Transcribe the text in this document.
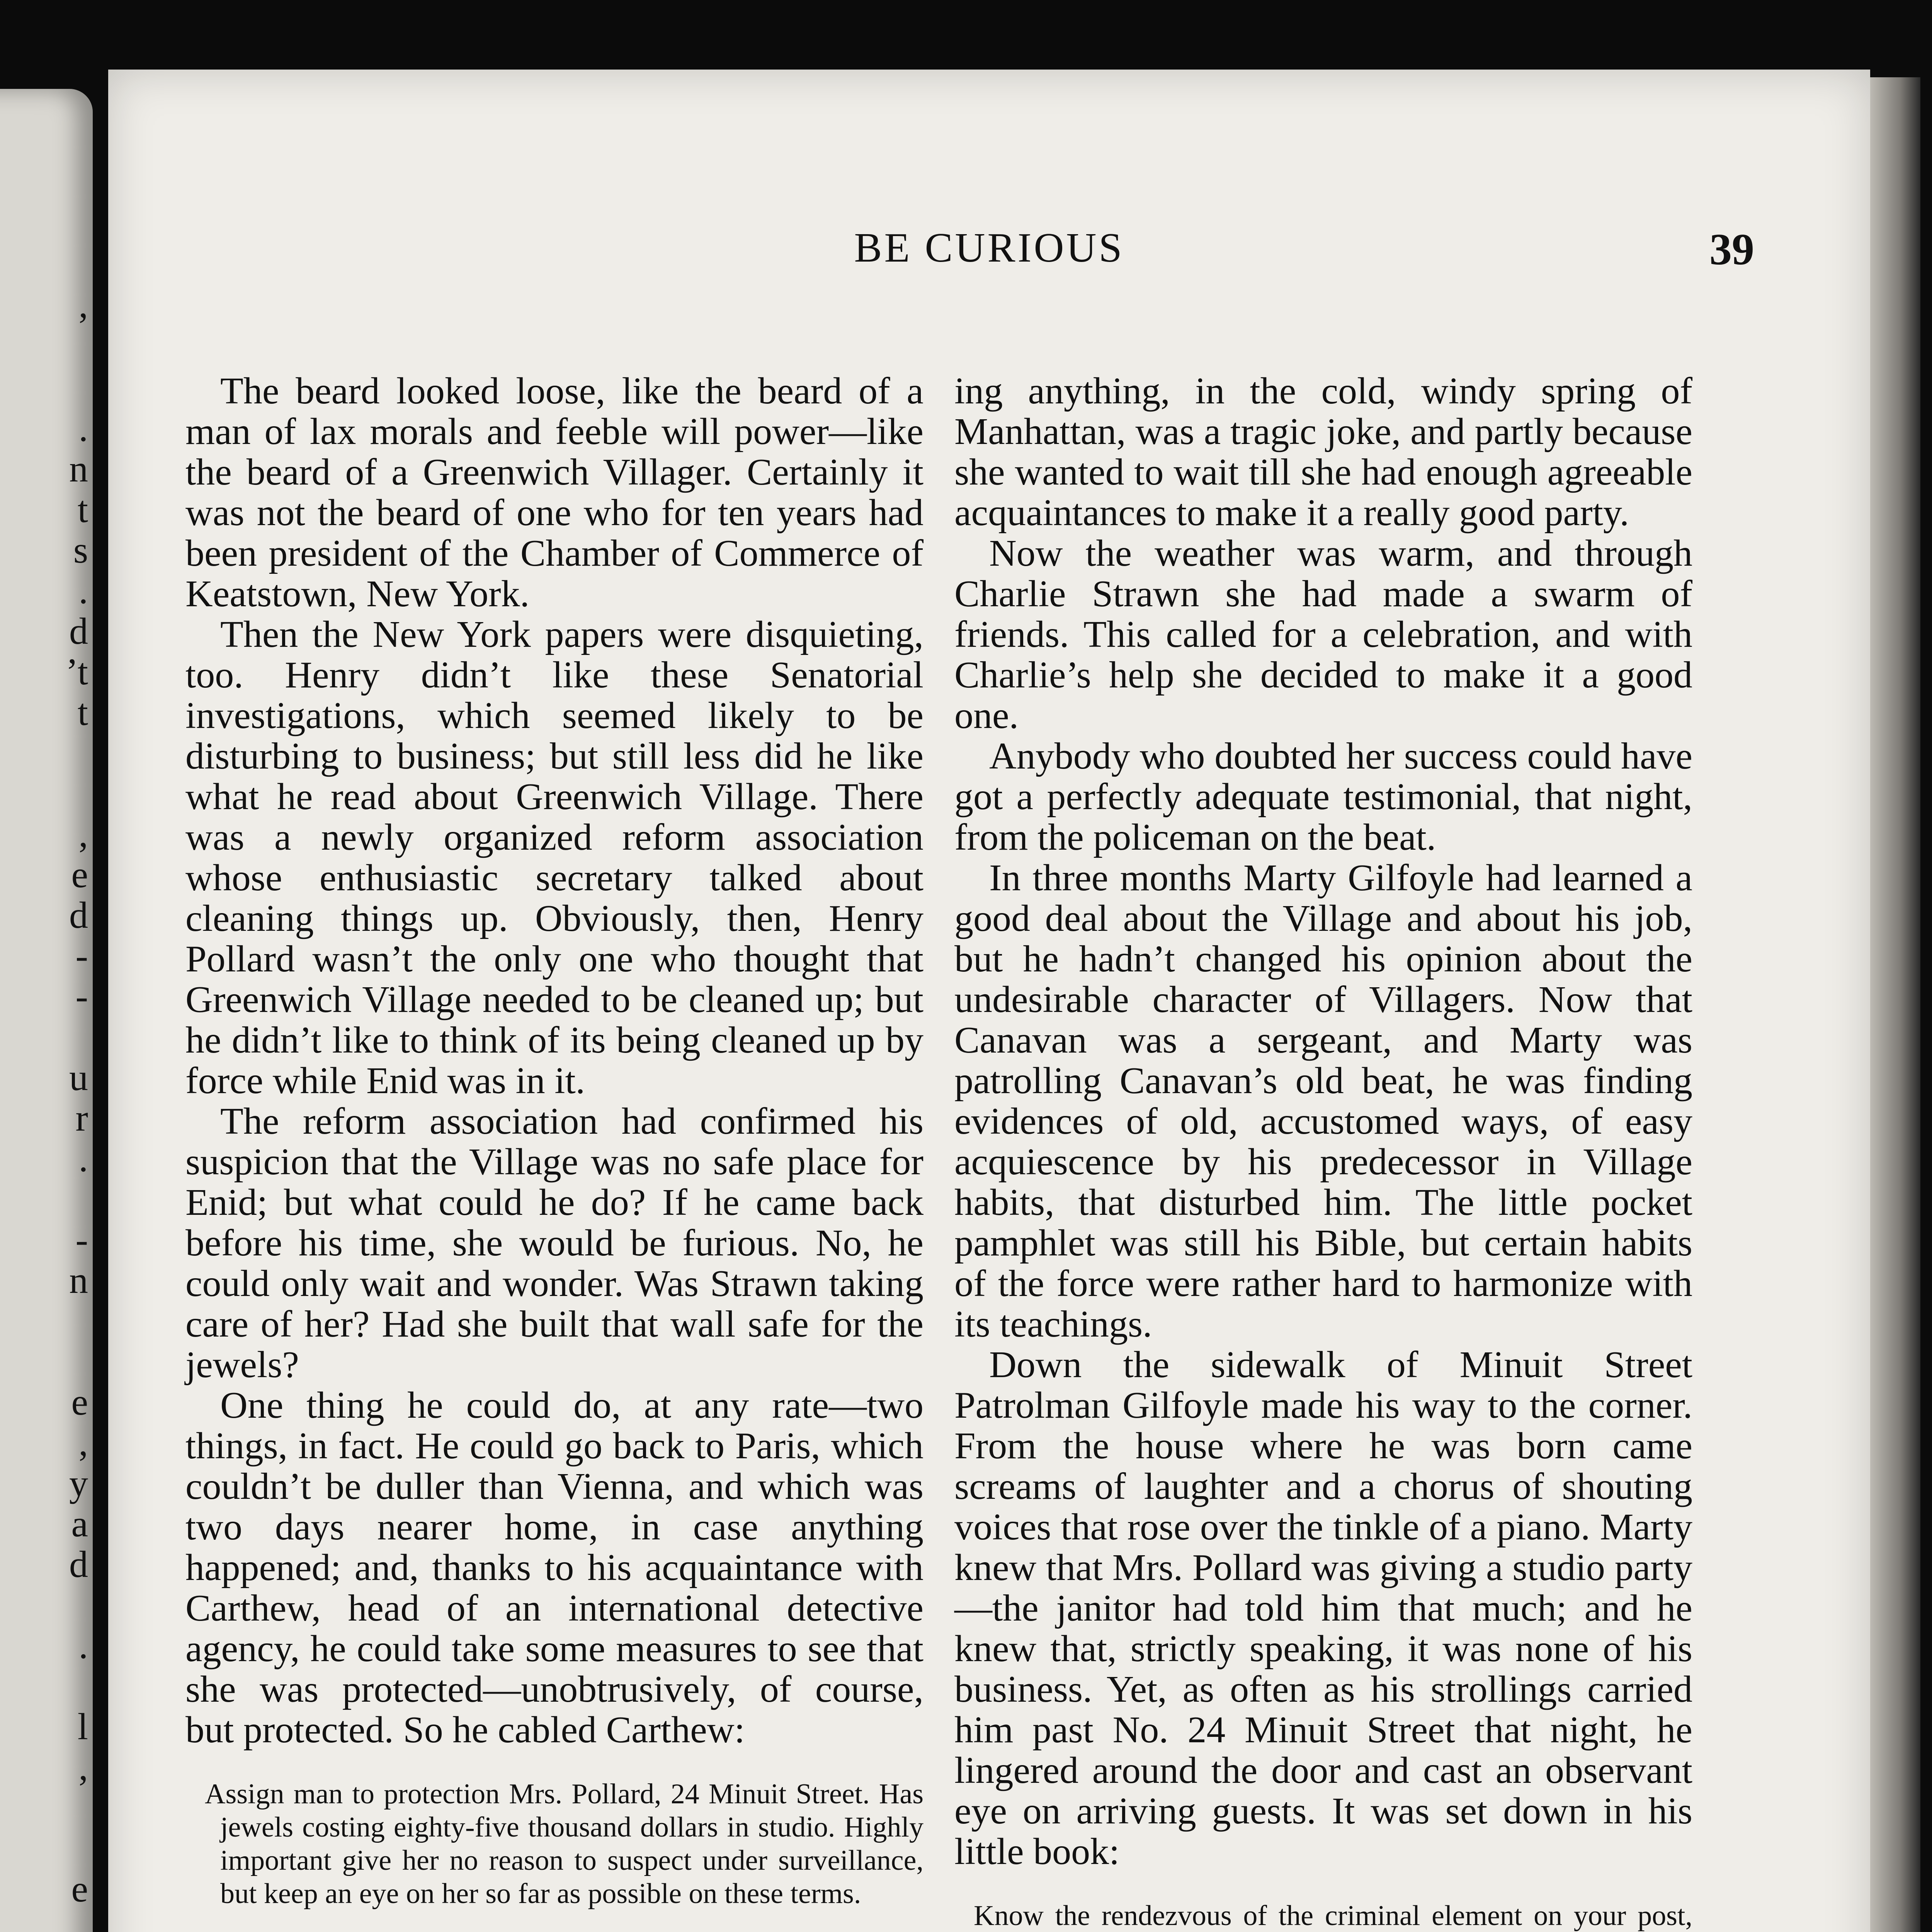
,
.
n
t
s
.
d
’t
t
,
e
d
-
-
u
r
.
-
n
e
,
y
a
d
.
l
,
e
BE CURIOUS	39

The beard looked loose, like the beard of a man of lax morals and feeble will power—like the beard of a Greenwich Villager. Certainly it was not the beard of one who for ten years had been president of the Chamber of Commerce of Keatstown, New York.

Then the New York papers were disquieting, too. Henry didn’t like these Senatorial investigations, which seemed likely to be disturbing to business; but still less did he like what he read about Greenwich Village. There was a newly organized reform association whose enthusiastic secretary talked about cleaning things up. Obviously, then, Henry Pollard wasn’t the only one who thought that Greenwich Village needed to be cleaned up; but he didn’t like to think of its being cleaned up by force while Enid was in it.

The reform association had confirmed his suspicion that the Village was no safe place for Enid; but what could he do? If he came back before his time, she would be furious. No, he could only wait and wonder. Was Strawn taking care of her? Had she built that wall safe for the jewels?

One thing he could do, at any rate—two things, in fact. He could go back to Paris, which couldn’t be duller than Vienna, and which was two days nearer home, in case anything happened; and, thanks to his acquaintance with Carthew, head of an international detective agency, he could take some measures to see that she was protected—unobtrusively, of course, but protected. So he cabled Carthew:

Assign man to protection Mrs. Pollard, 24 Minuit Street. Has jewels costing eighty-five thousand dollars in studio. Highly important give her no reason to suspect under surveillance, but keep an eye on her so far as possible on these terms.

ing anything, in the cold, windy spring of Manhattan, was a tragic joke, and partly because she wanted to wait till she had enough agreeable acquaintances to make it a really good party.

Now the weather was warm, and through Charlie Strawn she had made a swarm of friends. This called for a celebration, and with Charlie’s help she decided to make it a good one.

Anybody who doubted her success could have got a perfectly adequate testimonial, that night, from the policeman on the beat.

In three months Marty Gilfoyle had learned a good deal about the Village and about his job, but he hadn’t changed his opinion about the undesirable character of Villagers. Now that Canavan was a sergeant, and Marty was patrolling Canavan’s old beat, he was finding evidences of old, accustomed ways, of easy acquiescence by his predecessor in Village habits, that disturbed him. The little pocket pamphlet was still his Bible, but certain habits of the force were rather hard to harmonize with its teachings.

Down the sidewalk of Minuit Street Patrolman Gilfoyle made his way to the corner. From the house where he was born came screams of laughter and a chorus of shouting voices that rose over the tinkle of a piano. Marty knew that Mrs. Pollard was giving a studio party—the janitor had told him that much; and he knew that, strictly speaking, it was none of his business. Yet, as often as his strollings carried him past No. 24 Minuit Street that night, he lingered around the door and cast an observant eye on arriving guests. It was set down in his little book:

Know the rendezvous of the criminal element on your post,
